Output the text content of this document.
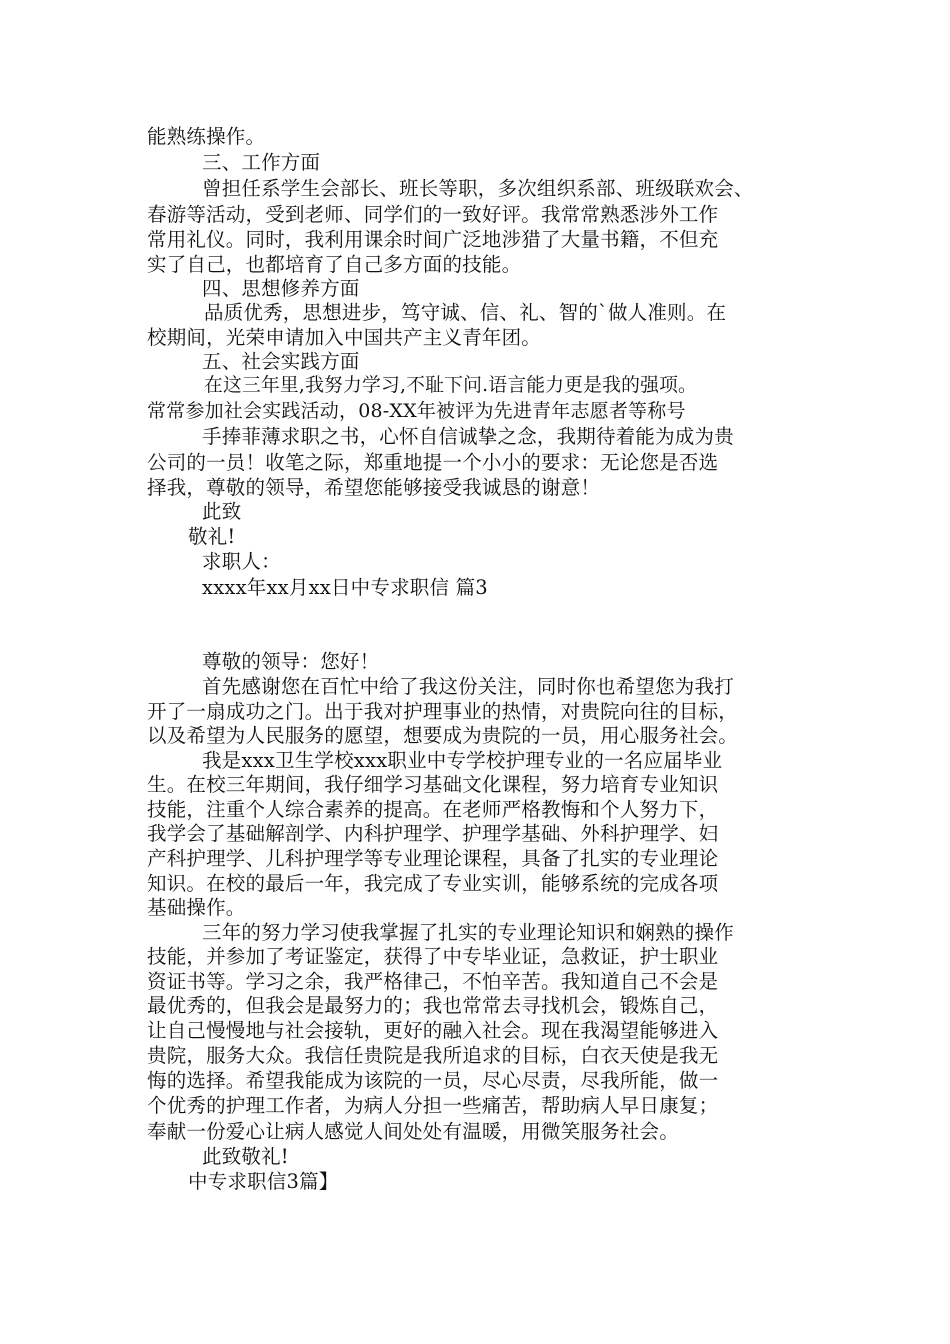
能熟练操作。
三、工作方面
曾担任系学生会部长、班长等职，多次组织系部、班级联欢会、
春游等活动，受到老师、同学们的一致好评。我常常熟悉涉外工作
常用礼仪。同时，我利用课余时间广泛地涉猎了大量书籍，不但充
实了自己，也都培育了自己多方面的技能。
四、思想修养方面
品质优秀，思想进步，笃守诚、信、礼、智的`做人准则。在
校期间，光荣申请加入中国共产主义青年团。
五、社会实践方面
在这三年里,我努力学习,不耻下问.语言能力更是我的强项。
常常参加社会实践活动，08-XX年被评为先进青年志愿者等称号
手捧菲薄求职之书，心怀自信诚挚之念，我期待着能为成为贵
公司的一员！收笔之际，郑重地提一个小小的要求：无论您是否选
择我，尊敬的领导，希望您能够接受我诚恳的谢意！
此致
敬礼!
求职人：
xxxx年xx月xx日中专求职信 篇3
尊敬的领导：您好！
首先感谢您在百忙中给了我这份关注，同时你也希望您为我打
开了一扇成功之门。出于我对护理事业的热情，对贵院向往的目标，
以及希望为人民服务的愿望，想要成为贵院的一员，用心服务社会。
我是xxx卫生学校xxx职业中专学校护理专业的一名应届毕业
生。在校三年期间，我仔细学习基础文化课程，努力培育专业知识
技能，注重个人综合素养的提高。在老师严格教悔和个人努力下，
我学会了基础解剖学、内科护理学、护理学基础、外科护理学、妇
产科护理学、儿科护理学等专业理论课程，具备了扎实的专业理论
知识。在校的最后一年，我完成了专业实训，能够系统的完成各项
基础操作。
三年的努力学习使我掌握了扎实的专业理论知识和娴熟的操作
技能，并参加了考证鉴定，获得了中专毕业证，急救证，护士职业
资证书等。学习之余，我严格律己，不怕辛苦。我知道自己不会是
最优秀的，但我会是最努力的；我也常常去寻找机会，锻炼自己，
让自己慢慢地与社会接轨，更好的融入社会。现在我渴望能够进入
贵院，服务大众。我信任贵院是我所追求的目标，白衣天使是我无
悔的选择。希望我能成为该院的一员，尽心尽责，尽我所能，做一
个优秀的护理工作者，为病人分担一些痛苦，帮助病人早日康复；
奉献一份爱心让病人感觉人间处处有温暖，用微笑服务社会。
此致敬礼!
中专求职信3篇】
